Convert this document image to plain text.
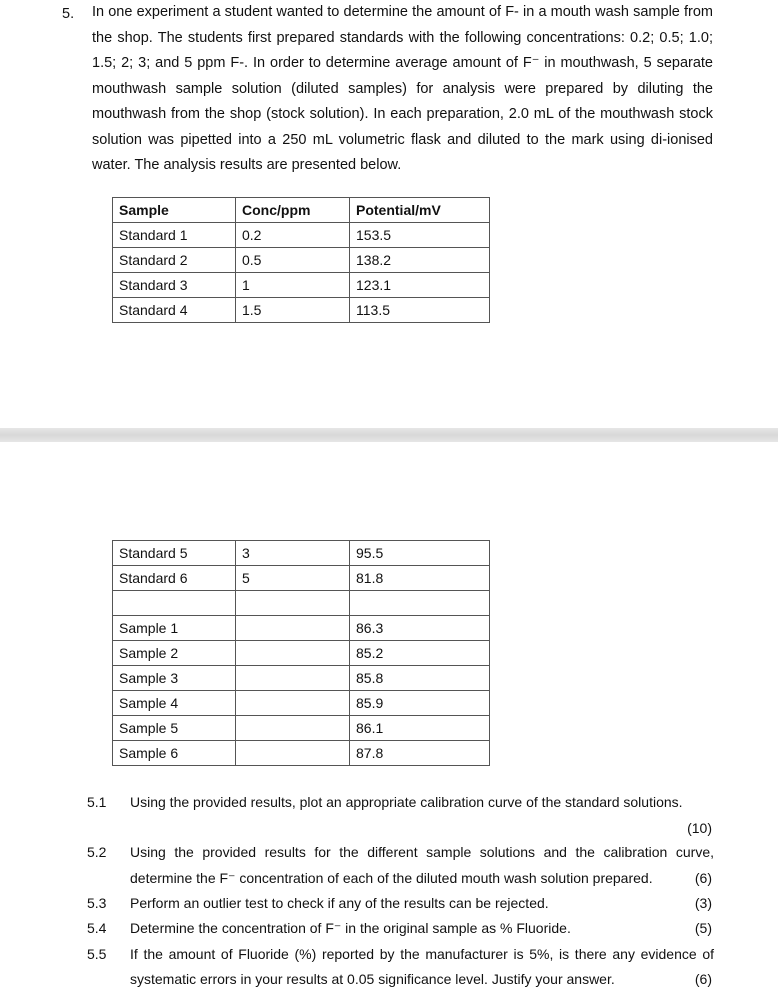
5. In one experiment a student wanted to determine the amount of F- in a mouth wash sample from
the shop. The students first prepared standards with the following concentrations: 0.2; 0.5; 1.0;
1.5; 2; 3; and 5 ppm F-. In order to determine average amount of F⁻ in mouthwash, 5 separate
mouthwash sample solution (diluted samples) for analysis were prepared by diluting the
mouthwash from the shop (stock solution). In each preparation, 2.0 mL of the mouthwash stock
solution was pipetted into a 250 mL volumetric flask and diluted to the mark using di-ionised
water. The analysis results are presented below.
Sample	Conc/ppm	Potential/mV
Standard 1	0.2	153.5
Standard 2	0.5	138.2
Standard 3	1	123.1
Standard 4	1.5	113.5
Standard 5	3	95.5
Standard 6	5	81.8

Sample 1		86.3
Sample 2		85.2
Sample 3		85.8
Sample 4		85.9
Sample 5		86.1
Sample 6		87.8
5.1 Using the provided results, plot an appropriate calibration curve of the standard solutions.
(10)
5.2 Using the provided results for the different sample solutions and the calibration curve,
determine the F⁻ concentration of each of the diluted mouth wash solution prepared.	(6)
5.3 Perform an outlier test to check if any of the results can be rejected.	(3)
5.4 Determine the concentration of F⁻ in the original sample as % Fluoride.	(5)
5.5 If the amount of Fluoride (%) reported by the manufacturer is 5%, is there any evidence of
systematic errors in your results at 0.05 significance level. Justify your answer.	(6)
